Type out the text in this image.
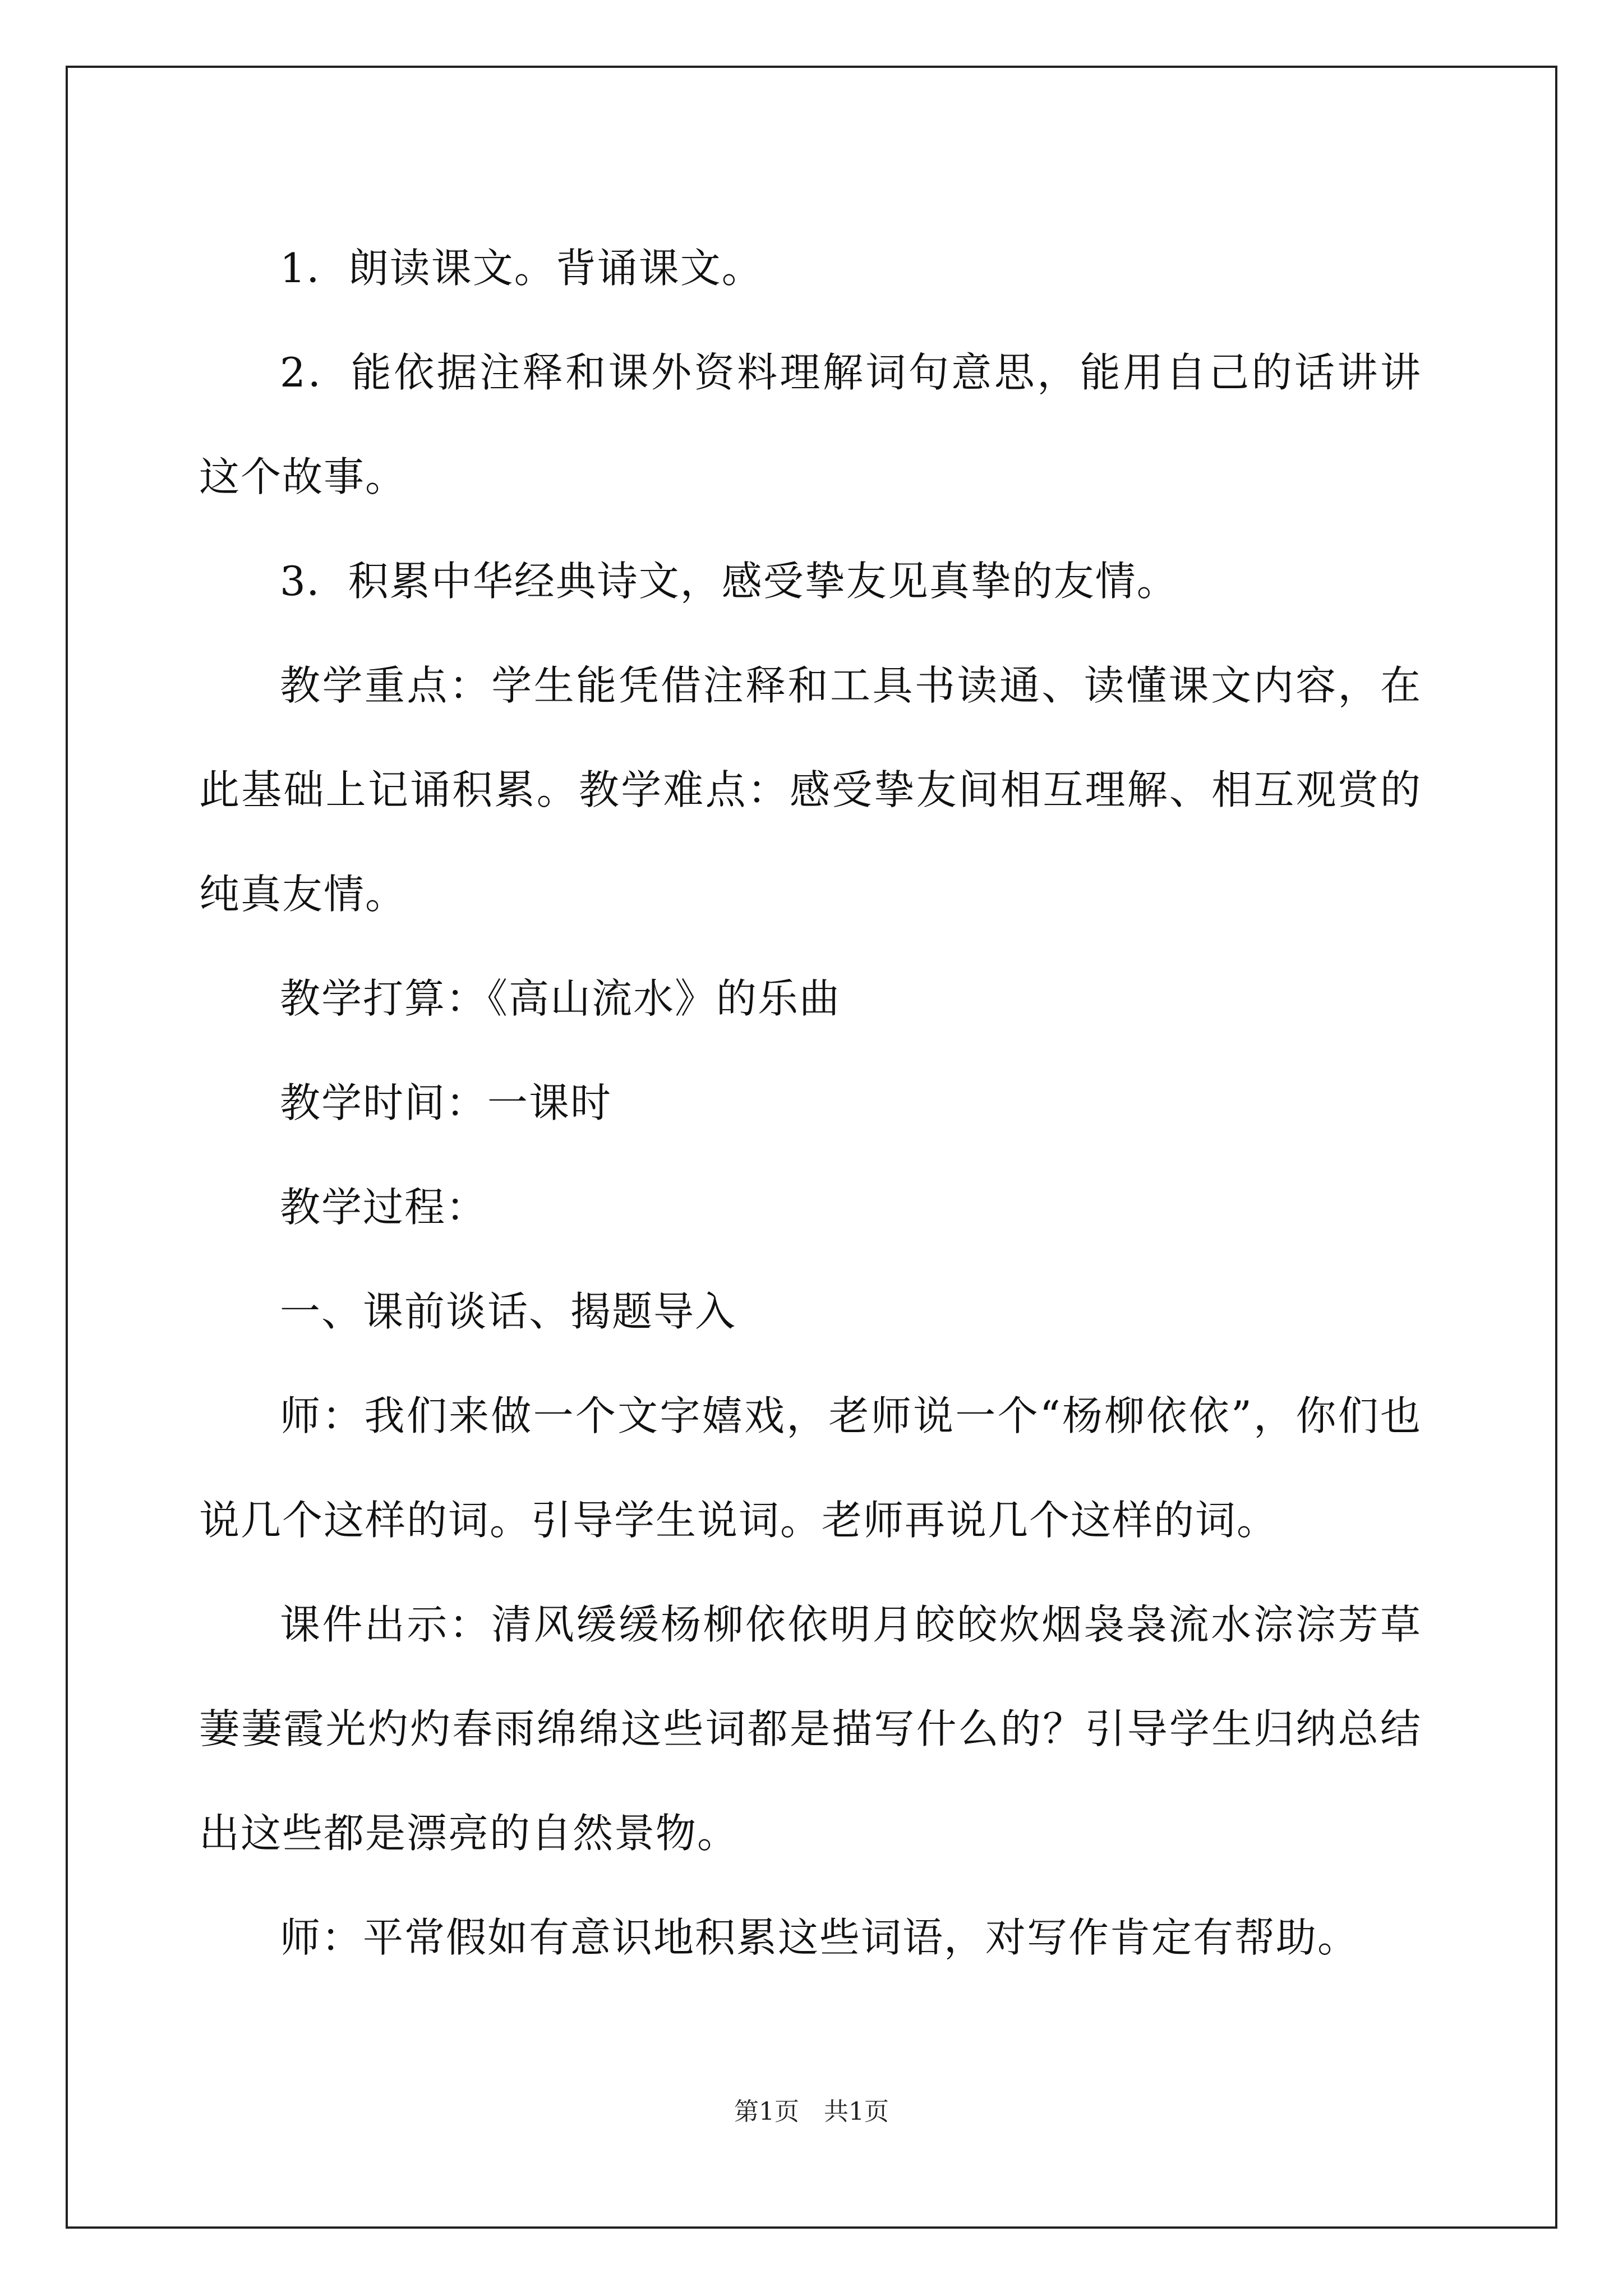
1．朗读课文。背诵课文。

2．能依据注释和课外资料理解词句意思，能用自己的话讲讲这个故事。

3．积累中华经典诗文，感受挚友见真挚的友情。

教学重点：学生能凭借注释和工具书读通、读懂课文内容，在此基础上记诵积累。教学难点：感受挚友间相互理解、相互观赏的纯真友情。

教学打算：《高山流水》的乐曲

教学时间：一课时

教学过程：

一、课前谈话、揭题导入

师：我们来做一个文字嬉戏，老师说一个“杨柳依依”，你们也说几个这样的词。引导学生说词。老师再说几个这样的词。

课件出示：清风缓缓杨柳依依明月皎皎炊烟袅袅流水淙淙芳草萋萋霞光灼灼春雨绵绵这些词都是描写什么的？引导学生归纳总结出这些都是漂亮的自然景物。

师：平常假如有意识地积累这些词语，对写作肯定有帮助。

第1页　共1页
